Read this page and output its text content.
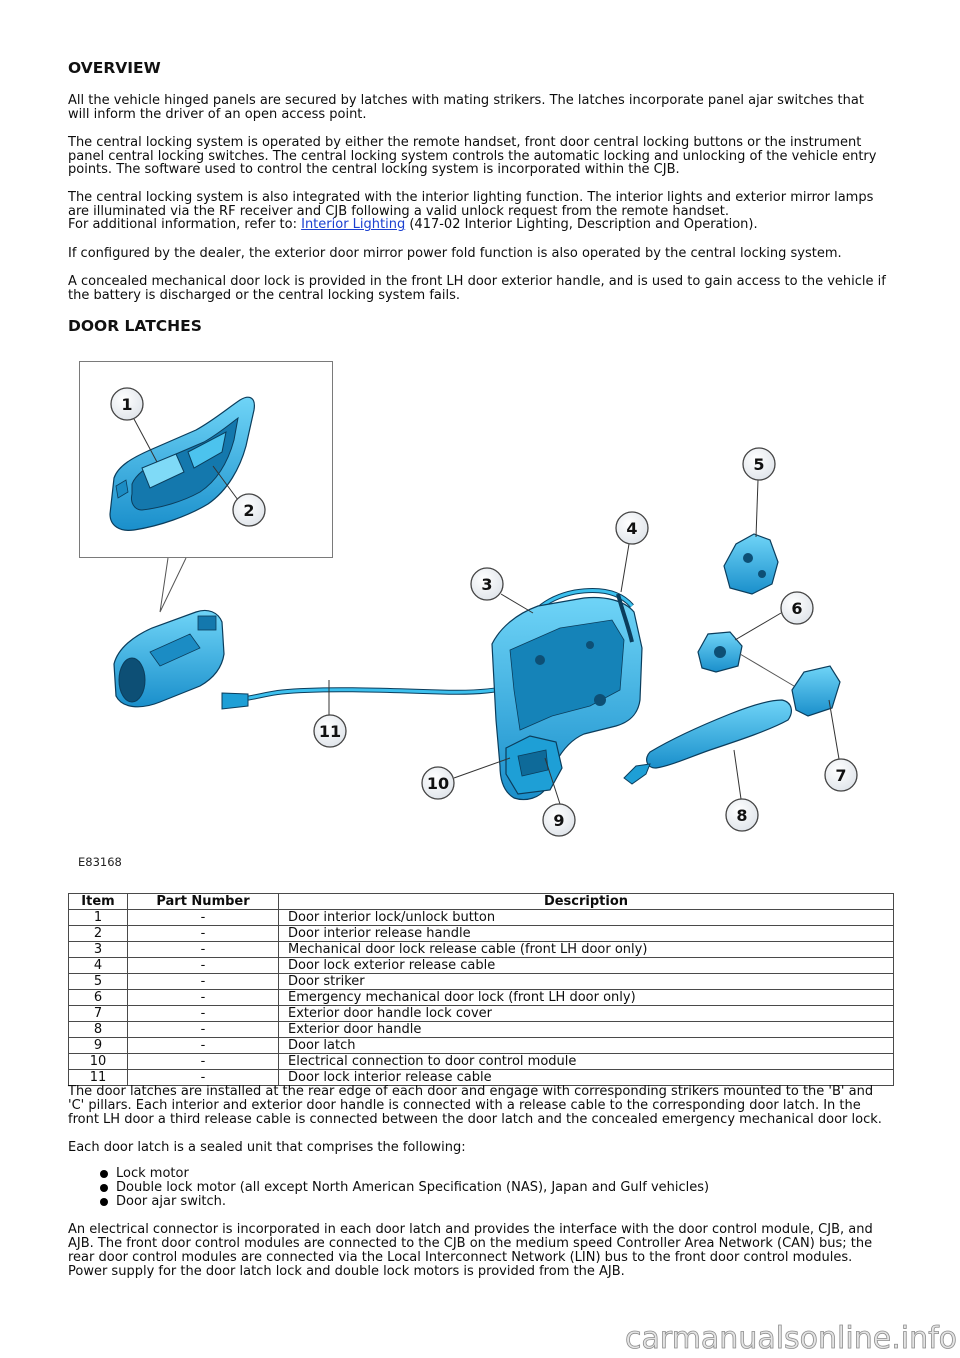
OVERVIEW
All the vehicle hinged panels are secured by latches with mating strikers. The latches incorporate panel ajar switches that
will inform the driver of an open access point.
The central locking system is operated by either the remote handset, front door central locking buttons or the instrument
panel central locking switches. The central locking system controls the automatic locking and unlocking of the vehicle entry
points. The software used to control the central locking system is incorporated within the CJB.
The central locking system is also integrated with the interior lighting function. The interior lights and exterior mirror lamps
are illuminated via the RF receiver and CJB following a valid unlock request from the remote handset.
For additional information, refer to: Interior Lighting (417-02 Interior Lighting, Description and Operation).
If configured by the dealer, the exterior door mirror power fold function is also operated by the central locking system.
A concealed mechanical door lock is provided in the front LH door exterior handle, and is used to gain access to the vehicle if
the battery is discharged or the central locking system fails.
DOOR LATCHES
1
2
3
4
5
6
7
8
9
10
11
E83168
Item	Part Number	Description
1	-	Door interior lock/unlock button
2	-	Door interior release handle
3	-	Mechanical door lock release cable (front LH door only)
4	-	Door lock exterior release cable
5	-	Door striker
6	-	Emergency mechanical door lock (front LH door only)
7	-	Exterior door handle lock cover
8	-	Exterior door handle
9	-	Door latch
10	-	Electrical connection to door control module
11	-	Door lock interior release cable
The door latches are installed at the rear edge of each door and engage with corresponding strikers mounted to the 'B' and
'C' pillars. Each interior and exterior door handle is connected with a release cable to the corresponding door latch. In the
front LH door a third release cable is connected between the door latch and the concealed emergency mechanical door lock.
Each door latch is a sealed unit that comprises the following:
Lock motor
Double lock motor (all except North American Specification (NAS), Japan and Gulf vehicles)
Door ajar switch.
An electrical connector is incorporated in each door latch and provides the interface with the door control module, CJB, and
AJB. The front door control modules are connected to the CJB on the medium speed Controller Area Network (CAN) bus; the
rear door control modules are connected via the Local Interconnect Network (LIN) bus to the front door control modules.
Power supply for the door latch lock and double lock motors is provided from the AJB.
carmanualsonline.info
